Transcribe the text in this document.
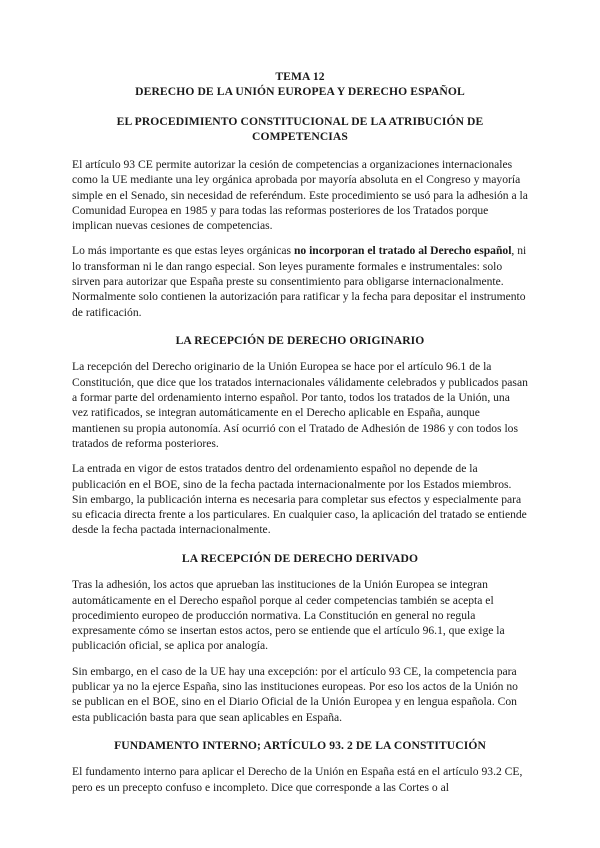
TEMA 12

DERECHO DE LA UNIÓN EUROPEA Y DERECHO ESPAÑOL

EL PROCEDIMIENTO CONSTITUCIONAL DE LA ATRIBUCIÓN DE COMPETENCIAS

El artículo 93 CE permite autorizar la cesión de competencias a organizaciones internacionales como la UE mediante una ley orgánica aprobada por mayoría absoluta en el Congreso y mayoría simple en el Senado, sin necesidad de referéndum. Este procedimiento se usó para la adhesión a la Comunidad Europea en 1985 y para todas las reformas posteriores de los Tratados porque implican nuevas cesiones de competencias.

Lo más importante es que estas leyes orgánicas no incorporan el tratado al Derecho español, ni lo transforman ni le dan rango especial. Son leyes puramente formales e instrumentales: solo sirven para autorizar que España preste su consentimiento para obligarse internacionalmente. Normalmente solo contienen la autorización para ratificar y la fecha para depositar el instrumento de ratificación.

LA RECEPCIÓN DE DERECHO ORIGINARIO

La recepción del Derecho originario de la Unión Europea se hace por el artículo 96.1 de la Constitución, que dice que los tratados internacionales válidamente celebrados y publicados pasan a formar parte del ordenamiento interno español. Por tanto, todos los tratados de la Unión, una vez ratificados, se integran automáticamente en el Derecho aplicable en España, aunque mantienen su propia autonomía. Así ocurrió con el Tratado de Adhesión de 1986 y con todos los tratados de reforma posteriores.

La entrada en vigor de estos tratados dentro del ordenamiento español no depende de la publicación en el BOE, sino de la fecha pactada internacionalmente por los Estados miembros. Sin embargo, la publicación interna es necesaria para completar sus efectos y especialmente para su eficacia directa frente a los particulares. En cualquier caso, la aplicación del tratado se entiende desde la fecha pactada internacionalmente.

LA RECEPCIÓN DE DERECHO DERIVADO

Tras la adhesión, los actos que aprueban las instituciones de la Unión Europea se integran automáticamente en el Derecho español porque al ceder competencias también se acepta el procedimiento europeo de producción normativa. La Constitución en general no regula expresamente cómo se insertan estos actos, pero se entiende que el artículo 96.1, que exige la publicación oficial, se aplica por analogía.

Sin embargo, en el caso de la UE hay una excepción: por el artículo 93 CE, la competencia para publicar ya no la ejerce España, sino las instituciones europeas. Por eso los actos de la Unión no se publican en el BOE, sino en el Diario Oficial de la Unión Europea y en lengua española. Con esta publicación basta para que sean aplicables en España.

FUNDAMENTO INTERNO; ARTÍCULO 93. 2 DE LA CONSTITUCIÓN

El fundamento interno para aplicar el Derecho de la Unión en España está en el artículo 93.2 CE, pero es un precepto confuso e incompleto. Dice que corresponde a las Cortes o al
